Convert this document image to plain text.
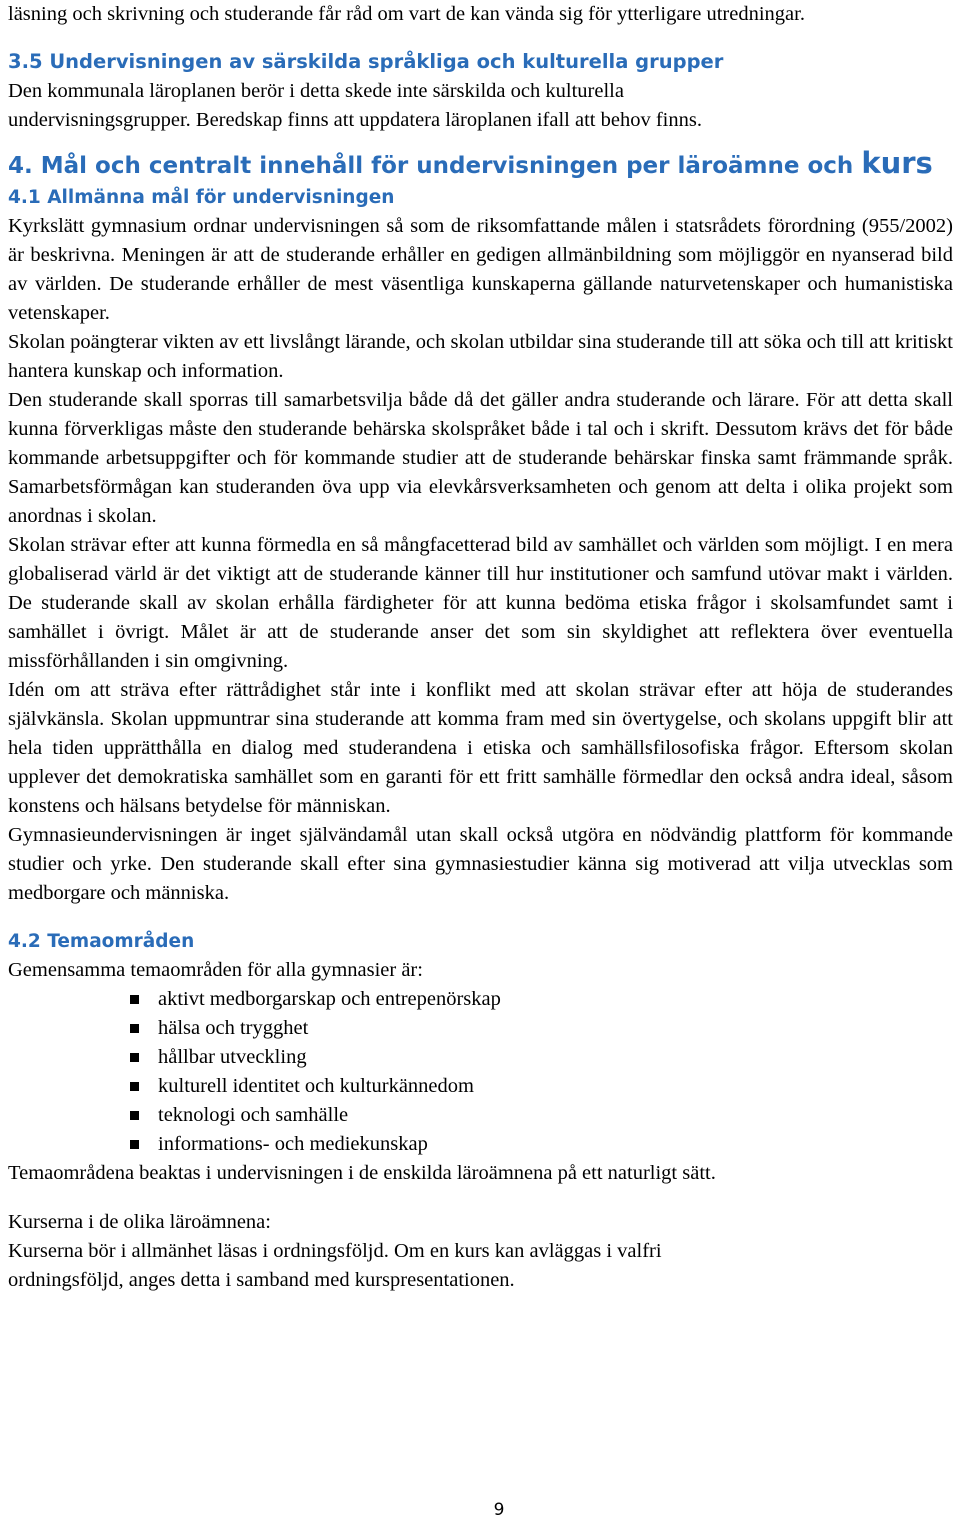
läsning och skrivning och studerande får råd om vart de kan vända sig för ytterligare utredningar.

3.5 Undervisningen av särskilda språkliga och kulturella grupper

Den kommunala läroplanen berör i detta skede inte särskilda och kulturella

undervisningsgrupper. Beredskap finns att uppdatera läroplanen ifall att behov finns.

4. Mål och centralt innehåll för undervisningen per läroämne och kurs
4.1 Allmänna mål för undervisningen

Kyrkslätt gymnasium ordnar undervisningen så som de riksomfattande målen i statsrådets förordning (955/2002) är beskrivna. Meningen är att de studerande erhåller en gedigen allmänbildning som möjliggör en nyanserad bild av världen. De studerande erhåller de mest väsentliga kunskaperna gällande naturvetenskaper och humanistiska vetenskaper.

Skolan poängterar vikten av ett livslångt lärande, och skolan utbildar sina studerande till att söka och till att kritiskt hantera kunskap och information.

Den studerande skall sporras till samarbetsvilja både då det gäller andra studerande och lärare. För att detta skall kunna förverkligas måste den studerande behärska skolspråket både i tal och i skrift. Dessutom krävs det för både kommande arbetsuppgifter och för kommande studier att de studerande behärskar finska samt främmande språk. Samarbetsförmågan kan studeranden öva upp via elevkårsverksamheten och genom att delta i olika projekt som anordnas i skolan.

Skolan strävar efter att kunna förmedla en så mångfacetterad bild av samhället och världen som möjligt. I en mera globaliserad värld är det viktigt att de studerande känner till hur institutioner och samfund utövar makt i världen. De studerande skall av skolan erhålla färdigheter för att kunna bedöma etiska frågor i skolsamfundet samt i samhället i övrigt. Målet är att de studerande anser det som sin skyldighet att reflektera över eventuella missförhållanden i sin omgivning.

Idén om att sträva efter rättrådighet står inte i konflikt med att skolan strävar efter att höja de studerandes självkänsla. Skolan uppmuntrar sina studerande att komma fram med sin övertygelse, och skolans uppgift blir att hela tiden upprätthålla en dialog med studerandena i etiska och samhällsfilosofiska frågor. Eftersom skolan upplever det demokratiska samhället som en garanti för ett fritt samhälle förmedlar den också andra ideal, såsom konstens och hälsans betydelse för människan.

Gymnasieundervisningen är inget självändamål utan skall också utgöra en nödvändig plattform för kommande studier och yrke. Den studerande skall efter sina gymnasiestudier känna sig motiverad att vilja utvecklas som medborgare och människa.

4.2 Temaområden

Gemensamma temaområden för alla gymnasier är:

aktivt medborgarskap och entrepenörskap
hälsa och trygghet
hållbar utveckling
kulturell identitet och kulturkännedom
teknologi och samhälle
informations- och mediekunskap

Temaområdena beaktas i undervisningen i de enskilda läroämnena på ett naturligt sätt.

Kurserna i de olika läroämnena:

Kurserna bör i allmänhet läsas i ordningsföljd. Om en kurs kan avläggas i valfri

ordningsföljd, anges detta i samband med kurspresentationen.

9
